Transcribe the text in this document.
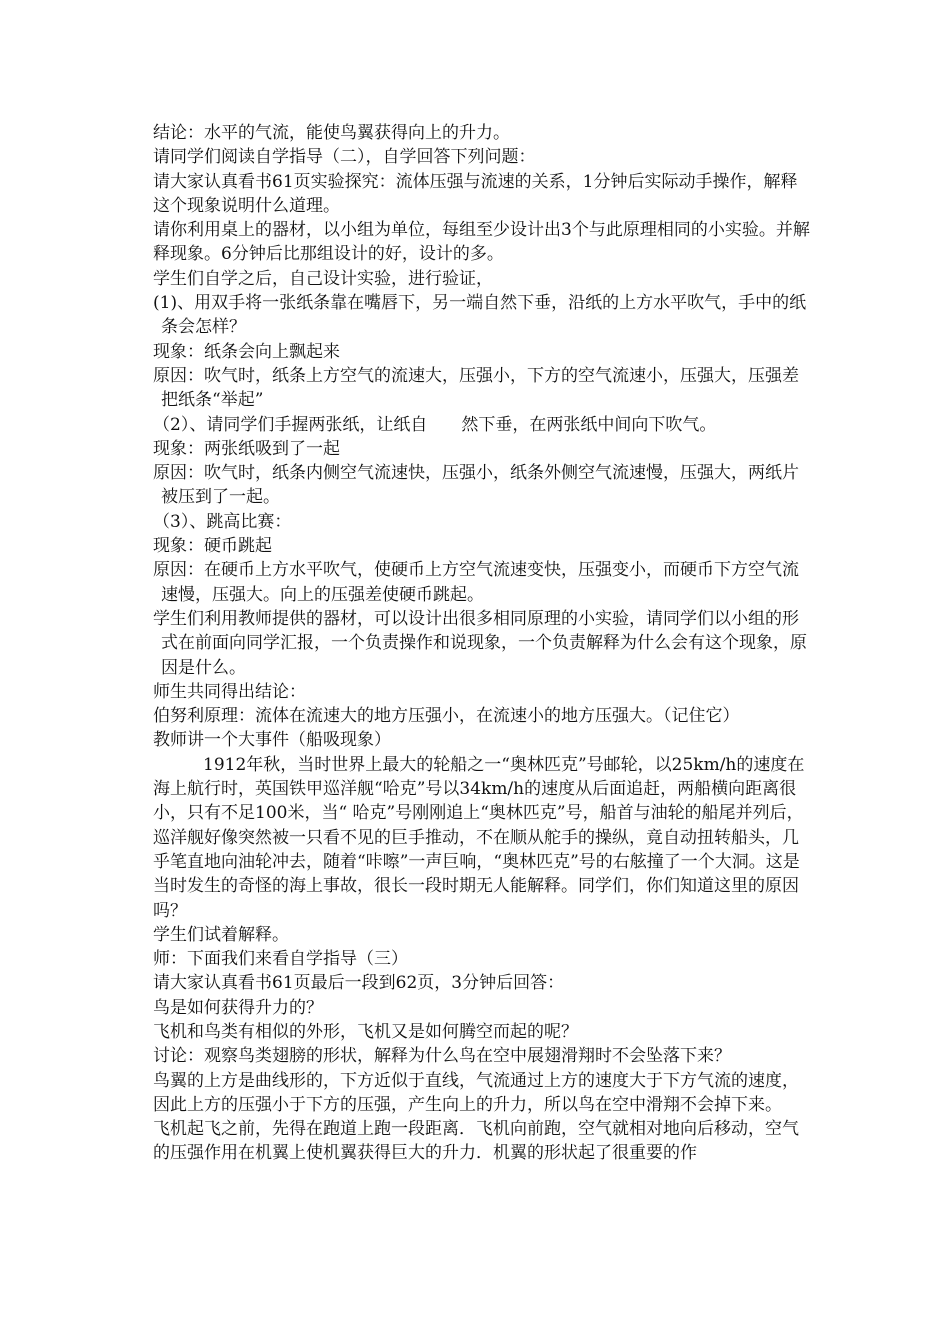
结论：水平的气流，能使鸟翼获得向上的升力。

请同学们阅读自学指导（二），自学回答下列问题：

请大家认真看书61页实验探究：流体压强与流速的关系，1分钟后实际动手操作，解释这个现象说明什么道理。

请你利用桌上的器材，以小组为单位，每组至少设计出3个与此原理相同的小实验。并解释现象。6分钟后比那组设计的好，设计的多。

学生们自学之后，自己设计实验，进行验证，

(1)、用双手将一张纸条靠在嘴唇下，另一端自然下垂，沿纸的上方水平吹气，手中的纸条会怎样？

现象：纸条会向上飘起来

原因：吹气时，纸条上方空气的流速大，压强小，下方的空气流速小，压强大，压强差把纸条“举起”

（2）、请同学们手握两张纸，让纸自　　然下垂，在两张纸中间向下吹气。

现象：两张纸吸到了一起

原因：吹气时，纸条内侧空气流速快，压强小，纸条外侧空气流速慢，压强大，两纸片被压到了一起。

（3）、跳高比赛：

现象：硬币跳起

原因：在硬币上方水平吹气，使硬币上方空气流速变快，压强变小，而硬币下方空气流速慢，压强大。向上的压强差使硬币跳起。

学生们利用教师提供的器材，可以设计出很多相同原理的小实验，请同学们以小组的形式在前面向同学汇报，一个负责操作和说现象，一个负责解释为什么会有这个现象，原因是什么。

师生共同得出结论：

伯努利原理：流体在流速大的地方压强小，在流速小的地方压强大。（记住它）

教师讲一个大事件（船吸现象）

1912年秋，当时世界上最大的轮船之一“奥林匹克”号邮轮，以25km/h的速度在海上航行时，英国铁甲巡洋舰“哈克”号以34km/h的速度从后面追赶，两船横向距离很小，只有不足100米，当“ 哈克”号刚刚追上“奥林匹克”号，船首与油轮的船尾并列后，巡洋舰好像突然被一只看不见的巨手推动，不在顺从舵手的操纵，竟自动扭转船头，几乎笔直地向油轮冲去，随着“咔嚓”一声巨响，“奥林匹克”号的右舷撞了一个大洞。这是当时发生的奇怪的海上事故，很长一段时期无人能解释。同学们，你们知道这里的原因吗？

学生们试着解释。

师：下面我们来看自学指导（三）

请大家认真看书61页最后一段到62页，3分钟后回答：

鸟是如何获得升力的？

飞机和鸟类有相似的外形，飞机又是如何腾空而起的呢？

讨论：观察鸟类翅膀的形状，解释为什么鸟在空中展翅滑翔时不会坠落下来？

鸟翼的上方是曲线形的，下方近似于直线，气流通过上方的速度大于下方气流的速度，因此上方的压强小于下方的压强，产生向上的升力，所以鸟在空中滑翔不会掉下来。

飞机起飞之前，先得在跑道上跑一段距离．飞机向前跑，空气就相对地向后移动，空气的压强作用在机翼上使机翼获得巨大的升力．机翼的形状起了很重要的作
